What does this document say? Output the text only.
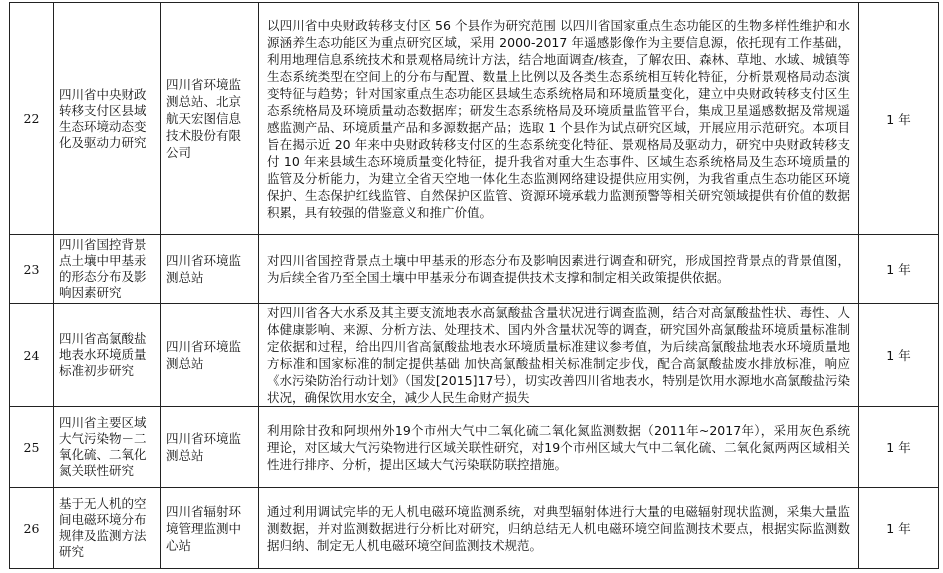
22	四川省中央财政转移支付区县域生态环境动态变化及驱动力研究	四川省环境监测总站、北京航天宏图信息技术股份有限公司	以四川省中央财政转移支付区 56 个县作为研究范围 以四川省国家重点生态功能区的生物多样性维护和水源涵养生态功能区为重点研究区域，采用 2000-2017 年遥感影像作为主要信息源，依托现有工作基础，利用地理信息系统技术和景观格局统计方法，结合地面调查/核查，了解农田、森林、草地、水域、城镇等生态系统类型在空间上的分布与配置、数量上比例以及各类生态系统相互转化特征，分析景观格局动态演变特征与趋势；针对国家重点生态功能区县域生态系统格局和环境质量变化，建立中央财政转移支付区生态系统格局及环境质量动态数据库；研发生态系统格局及环境质量监管平台，集成卫星遥感数据及常规遥感监测产品、环境质量产品和多源数据产品；选取 1 个县作为试点研究区域，开展应用示范研究。本项目旨在揭示近 20 年来中央财政转移支付区的生态系统变化特征、景观格局及驱动力，研究中央财政转移支付 10 年来县域生态环境质量变化特征，提升我省对重大生态事件、区域生态系统格局及生态环境质量的监管及分析能力，为建立全省天空地一体化生态监测网络建设提供应用实例，为我省重点生态功能区环境保护、生态保护红线监管、自然保护区监管、资源环境承载力监测预警等相关研究领域提供有价值的数据积累，具有较强的借鉴意义和推广价值。	1 年
23	四川省国控背景点土壤中甲基汞的形态分布及影响因素研究	四川省环境监测总站	对四川省国控背景点土壤中甲基汞的形态分布及影响因素进行调查和研究，形成国控背景点的背景值图，为后续全省乃至全国土壤中甲基汞分布调查提供技术支撑和制定相关政策提供依据。	1 年
24	四川省高氯酸盐地表水环境质量标准初步研究	四川省环境监测总站	对四川省各大水系及其主要支流地表水高氯酸盐含量状况进行调查监测，结合对高氯酸盐性状、毒性、人体健康影响、来源、分析方法、处理技术、国内外含量状况等的调查，研究国外高氯酸盐环境质量标准制定依据和过程，给出四川省高氯酸盐地表水环境质量标准建议参考值，为后续高氯酸盐地表水环境质量地方标准和国家标准的制定提供基础 加快高氯酸盐相关标准制定步伐，配合高氯酸盐废水排放标准，响应《水污染防治行动计划》（国发[2015]17号），切实改善四川省地表水，特别是饮用水源地水高氯酸盐污染状况，确保饮用水安全，减少人民生命财产损失	1 年
25	四川省主要区域大气污染物－二氧化硫、二氧化氮关联性研究	四川省环境监测总站	利用除甘孜和阿坝州外19个市州大气中二氧化硫二氧化氮监测数据（2011年~2017年），采用灰色系统理论，对区域大气污染物进行区域关联性研究，对19个市州区域大气中二氧化硫、二氧化氮两两区域相关性进行排序、分析，提出区域大气污染联防联控措施。	1 年
26	基于无人机的空间电磁环境分布规律及监测方法研究	四川省辐射环境管理监测中心站	通过利用调试完毕的无人机电磁环境监测系统，对典型辐射体进行大量的电磁辐射现状监测，采集大量监测数据，并对监测数据进行分析比对研究，归纳总结无人机电磁环境空间监测技术要点，根据实际监测数据归纳、制定无人机电磁环境空间监测技术规范。	1 年
